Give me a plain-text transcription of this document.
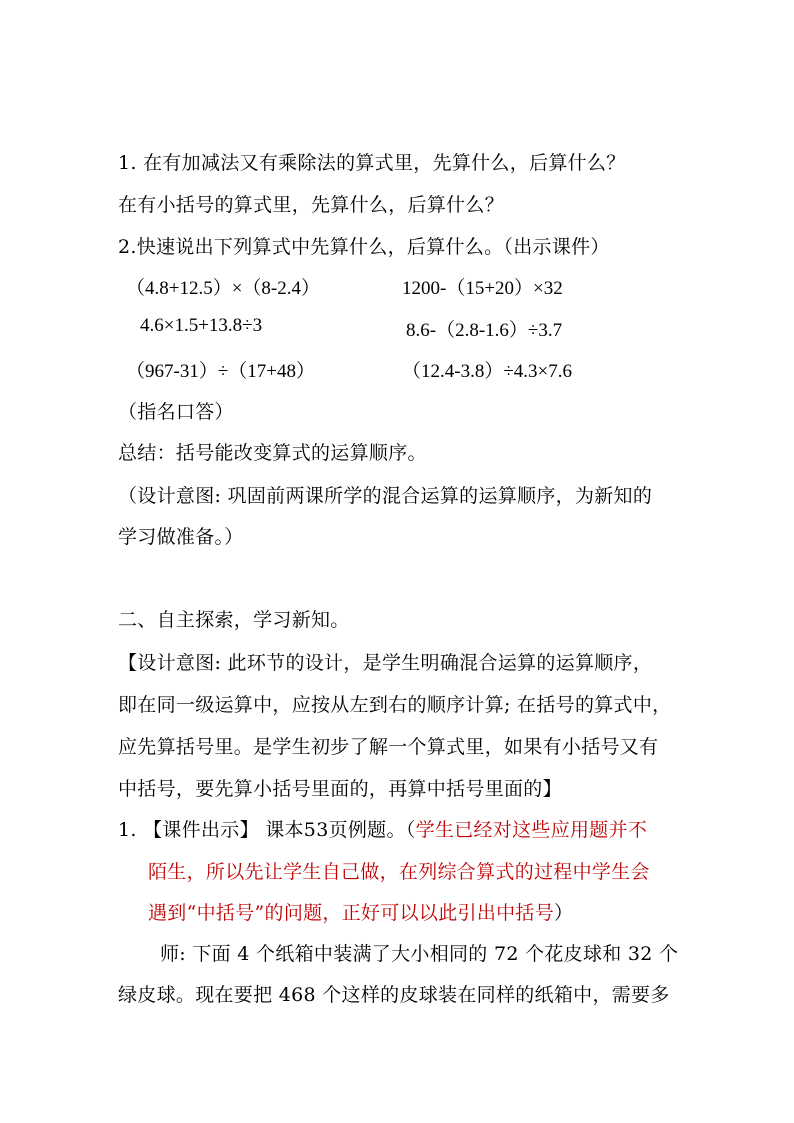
1. 在有加减法又有乘除法的算式里，先算什么，后算什么？
在有小括号的算式里，先算什么，后算什么？
2.快速说出下列算式中先算什么，后算什么。（出示课件）
（4.8+12.5）×（8-2.4）	1200-（15+20）×32
4.6×1.5+13.8÷3	8.6-（2.8-1.6）÷3.7
（967-31）÷（17+48）	（12.4-3.8）÷4.3×7.6
（指名口答）
总结：括号能改变算式的运算顺序。
（设计意图: 巩固前两课所学的混合运算的运算顺序，为新知的
学习做准备。）
二、自主探索，学习新知。
【设计意图: 此环节的设计，是学生明确混合运算的运算顺序，
即在同一级运算中，应按从左到右的顺序计算; 在括号的算式中，
应先算括号里。是学生初步了解一个算式里，如果有小括号又有
中括号，要先算小括号里面的，再算中括号里面的】
1. 【课件出示】 课本53页例题。（学生已经对这些应用题并不
陌生，所以先让学生自己做，在列综合算式的过程中学生会
遇到“中括号”的问题，正好可以以此引出中括号）
师: 下面 4 个纸箱中装满了大小相同的 72 个花皮球和 32 个
绿皮球。现在要把 468 个这样的皮球装在同样的纸箱中，需要多
